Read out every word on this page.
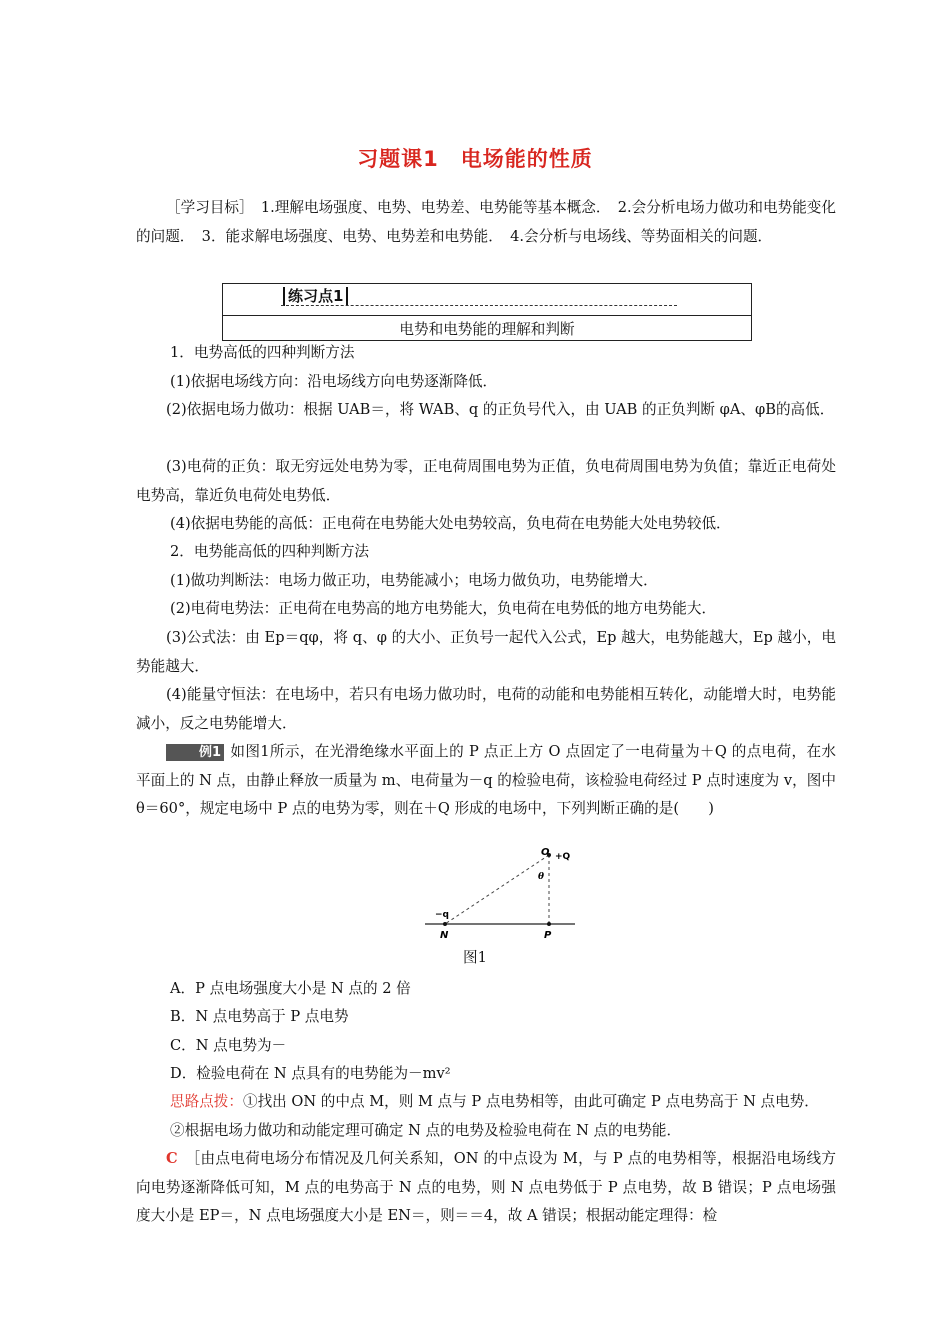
习题课1　电场能的性质

［学习目标］　1.理解电场强度、电势、电势差、电势能等基本概念．　2.会分析电场力做功和电势能变化的问题．　3．能求解电场强度、电势、电势差和电势能．　4.会分析与电场线、等势面相关的问题．

练习点1
电势和电势能的理解和判断
1．电势高低的四种判断方法
(1)依据电场线方向：沿电场线方向电势逐渐降低．

(2)依据电场力做功：根据 UAB＝，将 WAB、q 的正负号代入，由 UAB 的正负判断 φA、φB的高低．

(3)电荷的正负：取无穷远处电势为零，正电荷周围电势为正值，负电荷周围电势为负值；靠近正电荷处电势高，靠近负电荷处电势低．

(4)依据电势能的高低：正电荷在电势能大处电势较高，负电荷在电势能大处电势较低．
2．电势能高低的四种判断方法
(1)做功判断法：电场力做正功，电势能减小；电场力做负功，电势能增大．
(2)电荷电势法：正电荷在电势高的地方电势能大，负电荷在电势低的地方电势能大．

(3)公式法：由 Ep＝qφ，将 q、φ 的大小、正负号一起代入公式，Ep 越大，电势能越大，Ep 越小，电势能越大．

(4)能量守恒法：在电场中，若只有电场力做功时，电荷的动能和电势能相互转化，动能增大时，电势能减小，反之电势能增大．

例1 如图1所示，在光滑绝缘水平面上的 P 点正上方 O 点固定了一电荷量为＋Q 的点电荷，在水平面上的 N 点，由静止释放一质量为 m、电荷量为－q 的检验电荷，该检验电荷经过 P 点时速度为 v，图中 θ＝60°，规定电场中 P 点的电势为零，则在＋Q 形成的电场中，下列判断正确的是(　　)

O +Q
θ
−q
N	P
图1
A．P 点电场强度大小是 N 点的 2 倍
B．N 点电势高于 P 点电势
C．N 点电势为－
D．检验电荷在 N 点具有的电势能为－mv²
思路点拨：①找出 ON 的中点 M，则 M 点与 P 点电势相等，由此可确定 P 点电势高于 N 点电势．
②根据电场力做功和动能定理可确定 N 点的电势及检验电荷在 N 点的电势能．

C　 ［由点电荷电场分布情况及几何关系知，ON 的中点设为 M，与 P 点的电势相等，根据沿电场线方向电势逐渐降低可知，M 点的电势高于 N 点的电势，则 N 点电势低于 P 点电势，故 B 错误；P 点电场强度大小是 EP＝，N 点电场强度大小是 EN＝，则＝＝4，故 A 错误；根据动能定理得：检
